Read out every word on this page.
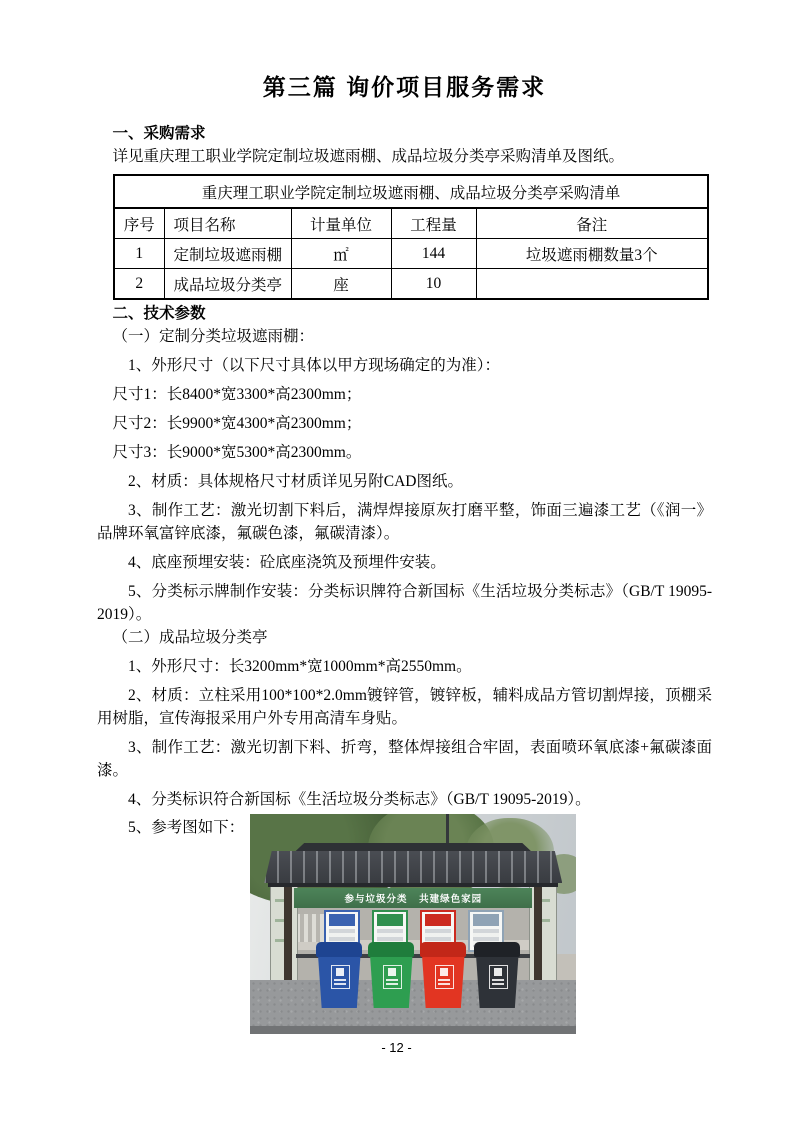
第三篇 询价项目服务需求

一、采购需求

详见重庆理工职业学院定制垃圾遮雨棚、成品垃圾分类亭采购清单及图纸。

重庆理工职业学院定制垃圾遮雨棚、成品垃圾分类亭采购清单				
序号	项目名称	计量单位	工程量	备注
1	定制垃圾遮雨棚	㎡	144	垃圾遮雨棚数量3个
2	成品垃圾分类亭	座	10	

二、技术参数

（一）定制分类垃圾遮雨棚：

1、外形尺寸（以下尺寸具体以甲方现场确定的为准）：

尺寸1：长8400*宽3300*高2300mm；

尺寸2：长9900*宽4300*高2300mm；

尺寸3：长9000*宽5300*高2300mm。

2、材质：具体规格尺寸材质详见另附CAD图纸。

3、制作工艺：激光切割下料后，满焊焊接原灰打磨平整，饰面三遍漆工艺（《润一》品牌环氧富锌底漆，氟碳色漆，氟碳清漆）。

4、底座预埋安装：砼底座浇筑及预埋件安装。

5、分类标示牌制作安装：分类标识牌符合新国标《生活垃圾分类标志》（GB/T 19095-2019）。

（二）成品垃圾分类亭

1、外形尺寸：长3200mm*宽1000mm*高2550mm。

2、材质：立柱采用100*100*2.0mm镀锌管，镀锌板，辅料成品方管切割焊接，顶棚采用树脂，宣传海报采用户外专用高清车身贴。

3、制作工艺：激光切割下料、折弯，整体焊接组合牢固，表面喷环氧底漆+氟碳漆面漆。

4、分类标识符合新国标《生活垃圾分类标志》（GB/T 19095-2019）。

5、参考图如下：
参与垃圾分类 共建绿色家园
- 12 -
